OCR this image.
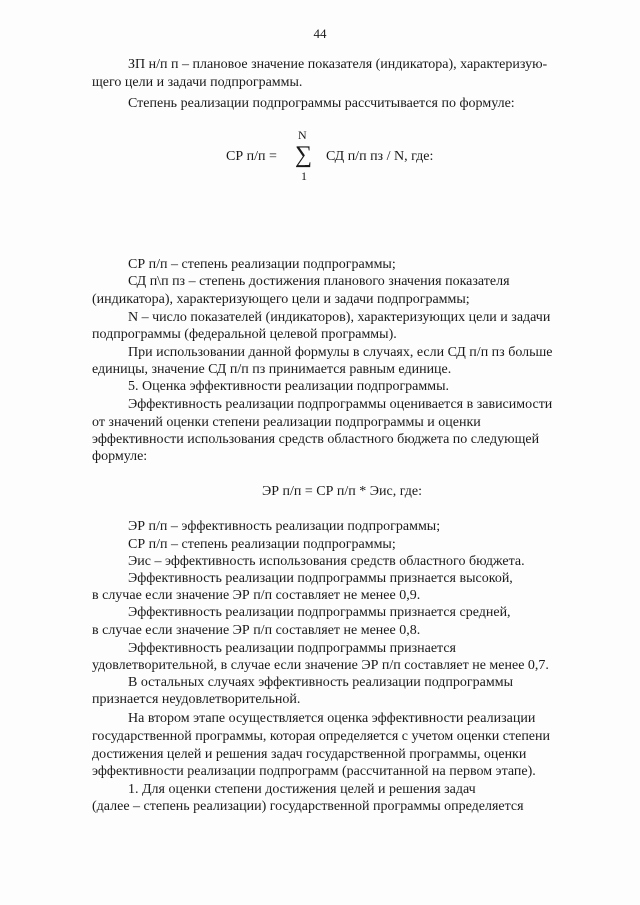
44
ЗП н/п п – плановое значение показателя (индикатора), характеризую-
щего цели и задачи подпрограммы.
Степень реализации подпрограммы рассчитывается по формуле:
N
СР п/п = ∑ СД п/п пз / N, где:
1
СР п/п – степень реализации подпрограммы;
СД п\п пз – степень достижения планового значения показателя
(индикатора), характеризующего цели и задачи подпрограммы;
N – число показателей (индикаторов), характеризующих цели и задачи
подпрограммы (федеральной целевой программы).
При использовании данной формулы в случаях, если СД п/п пз больше
единицы, значение СД п/п пз принимается равным единице.
5. Оценка эффективности реализации подпрограммы.
Эффективность реализации подпрограммы оценивается в зависимости
от значений оценки степени реализации подпрограммы и оценки
эффективности использования средств областного бюджета по следующей
формуле:
ЭР п/п = СР п/п * Эис, где:
ЭР п/п – эффективность реализации подпрограммы;
СР п/п – степень реализации подпрограммы;
Эис – эффективность использования средств областного бюджета.
Эффективность реализации подпрограммы признается высокой,
в случае если значение ЭР п/п составляет не менее 0,9.
Эффективность реализации подпрограммы признается средней,
в случае если значение ЭР п/п составляет не менее 0,8.
Эффективность реализации подпрограммы признается
удовлетворительной, в случае если значение ЭР п/п составляет не менее 0,7.
В остальных случаях эффективность реализации подпрограммы
признается неудовлетворительной.
На втором этапе осуществляется оценка эффективности реализации
государственной программы, которая определяется с учетом оценки степени
достижения целей и решения задач государственной программы, оценки
эффективности реализации подпрограмм (рассчитанной на первом этапе).
1. Для оценки степени достижения целей и решения задач
(далее – степень реализации) государственной программы определяется
